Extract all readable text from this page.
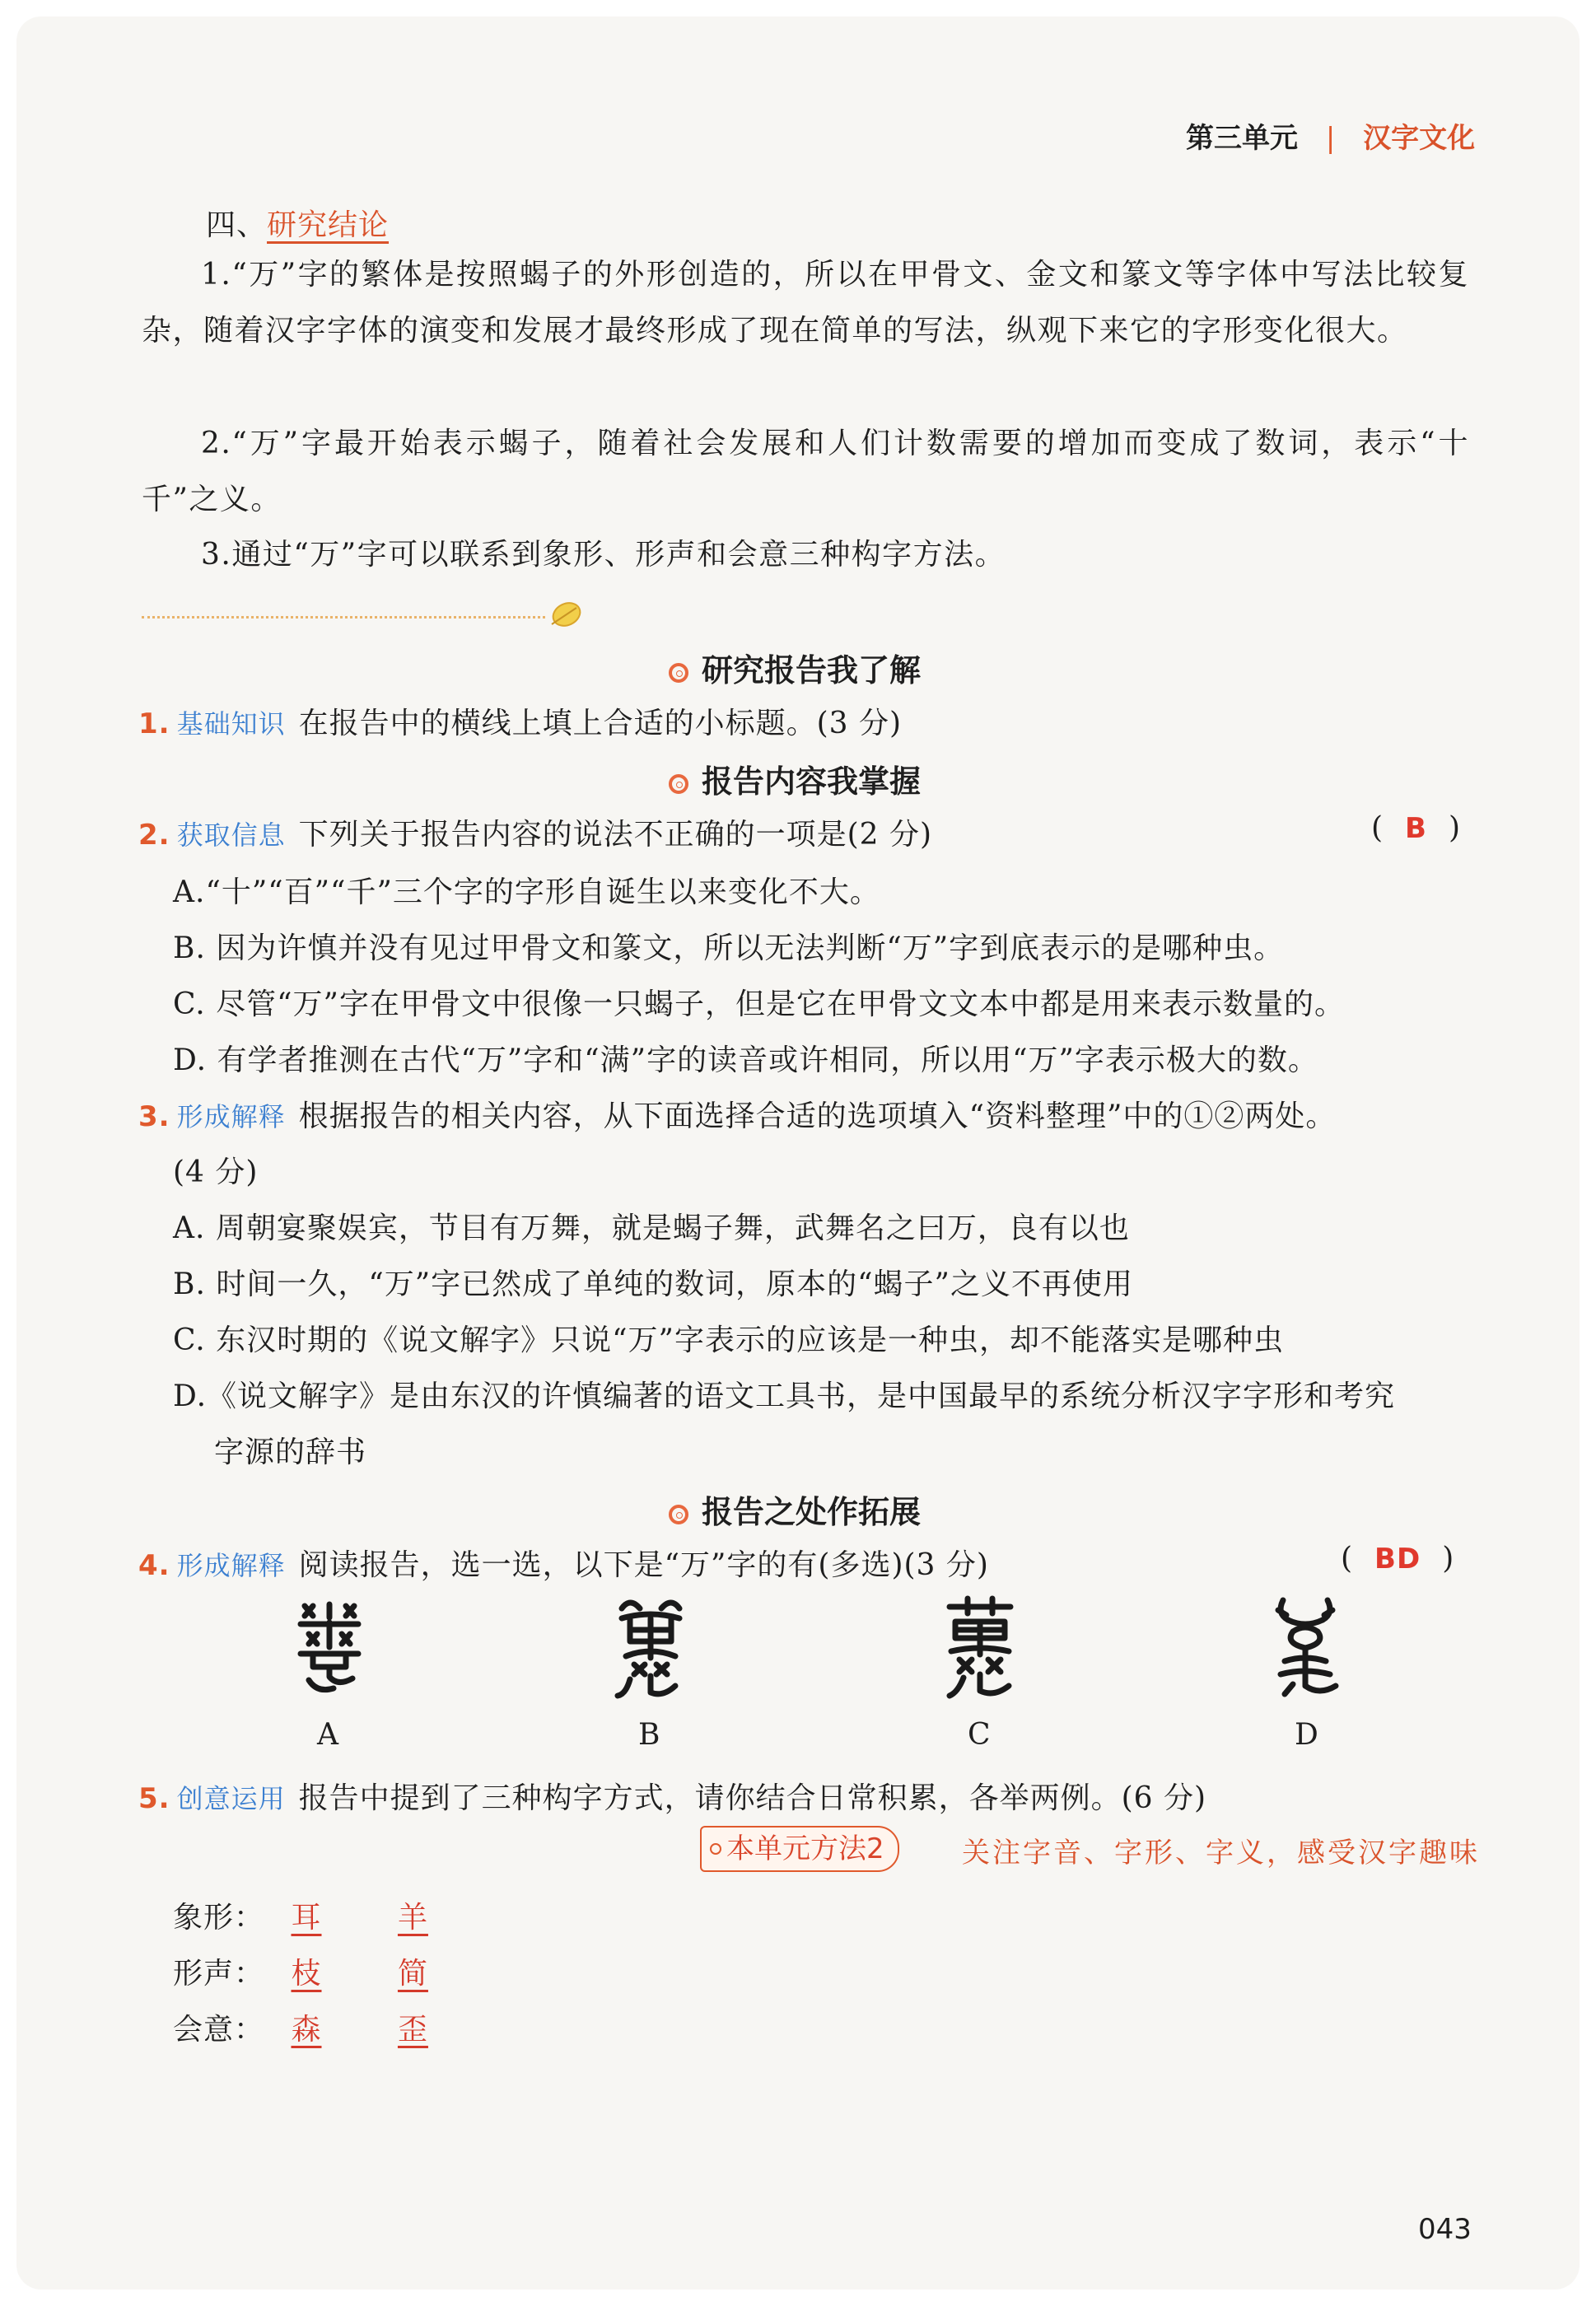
第三单元 | 汉字文化
四、研究结论
1.“万”字的繁体是按照蝎子的外形创造的，所以在甲骨文、金文和篆文等字体中写法比较复杂，随着汉字字体的演变和发展才最终形成了现在简单的写法，纵观下来它的字形变化很大。
2.“万”字最开始表示蝎子，随着社会发展和人们计数需要的增加而变成了数词，表示“十千”之义。
3.通过“万”字可以联系到象形、形声和会意三种构字方法。
研究报告我了解
1. 基础知识 在报告中的横线上填上合适的小标题。(3 分)
报告内容我掌握
2. 获取信息 下列关于报告内容的说法不正确的一项是(2 分)	( B )
A.“十”“百”“千”三个字的字形自诞生以来变化不大。
B. 因为许慎并没有见过甲骨文和篆文，所以无法判断“万”字到底表示的是哪种虫。
C. 尽管“万”字在甲骨文中很像一只蝎子，但是它在甲骨文文本中都是用来表示数量的。
D. 有学者推测在古代“万”字和“满”字的读音或许相同，所以用“万”字表示极大的数。
3. 形成解释 根据报告的相关内容，从下面选择合适的选项填入“资料整理”中的①②两处。
(4 分)
A. 周朝宴聚娱宾，节目有万舞，就是蝎子舞，武舞名之曰万，良有以也
B. 时间一久，“万”字已然成了单纯的数词，原本的“蝎子”之义不再使用
C. 东汉时期的《说文解字》只说“万”字表示的应该是一种虫，却不能落实是哪种虫
D.《说文解字》是由东汉的许慎编著的语文工具书，是中国最早的系统分析汉字字形和考究
字源的辞书
报告之处作拓展
4. 形成解释 阅读报告，选一选，以下是“万”字的有(多选)(3 分)	( BD )
A	B	C	D
5. 创意运用 报告中提到了三种构字方式，请你结合日常积累，各举两例。(6 分)
本单元方法2	关注字音、字形、字义，感受汉字趣味
象形： 耳	羊
形声： 枝	简
会意： 森	歪
043
